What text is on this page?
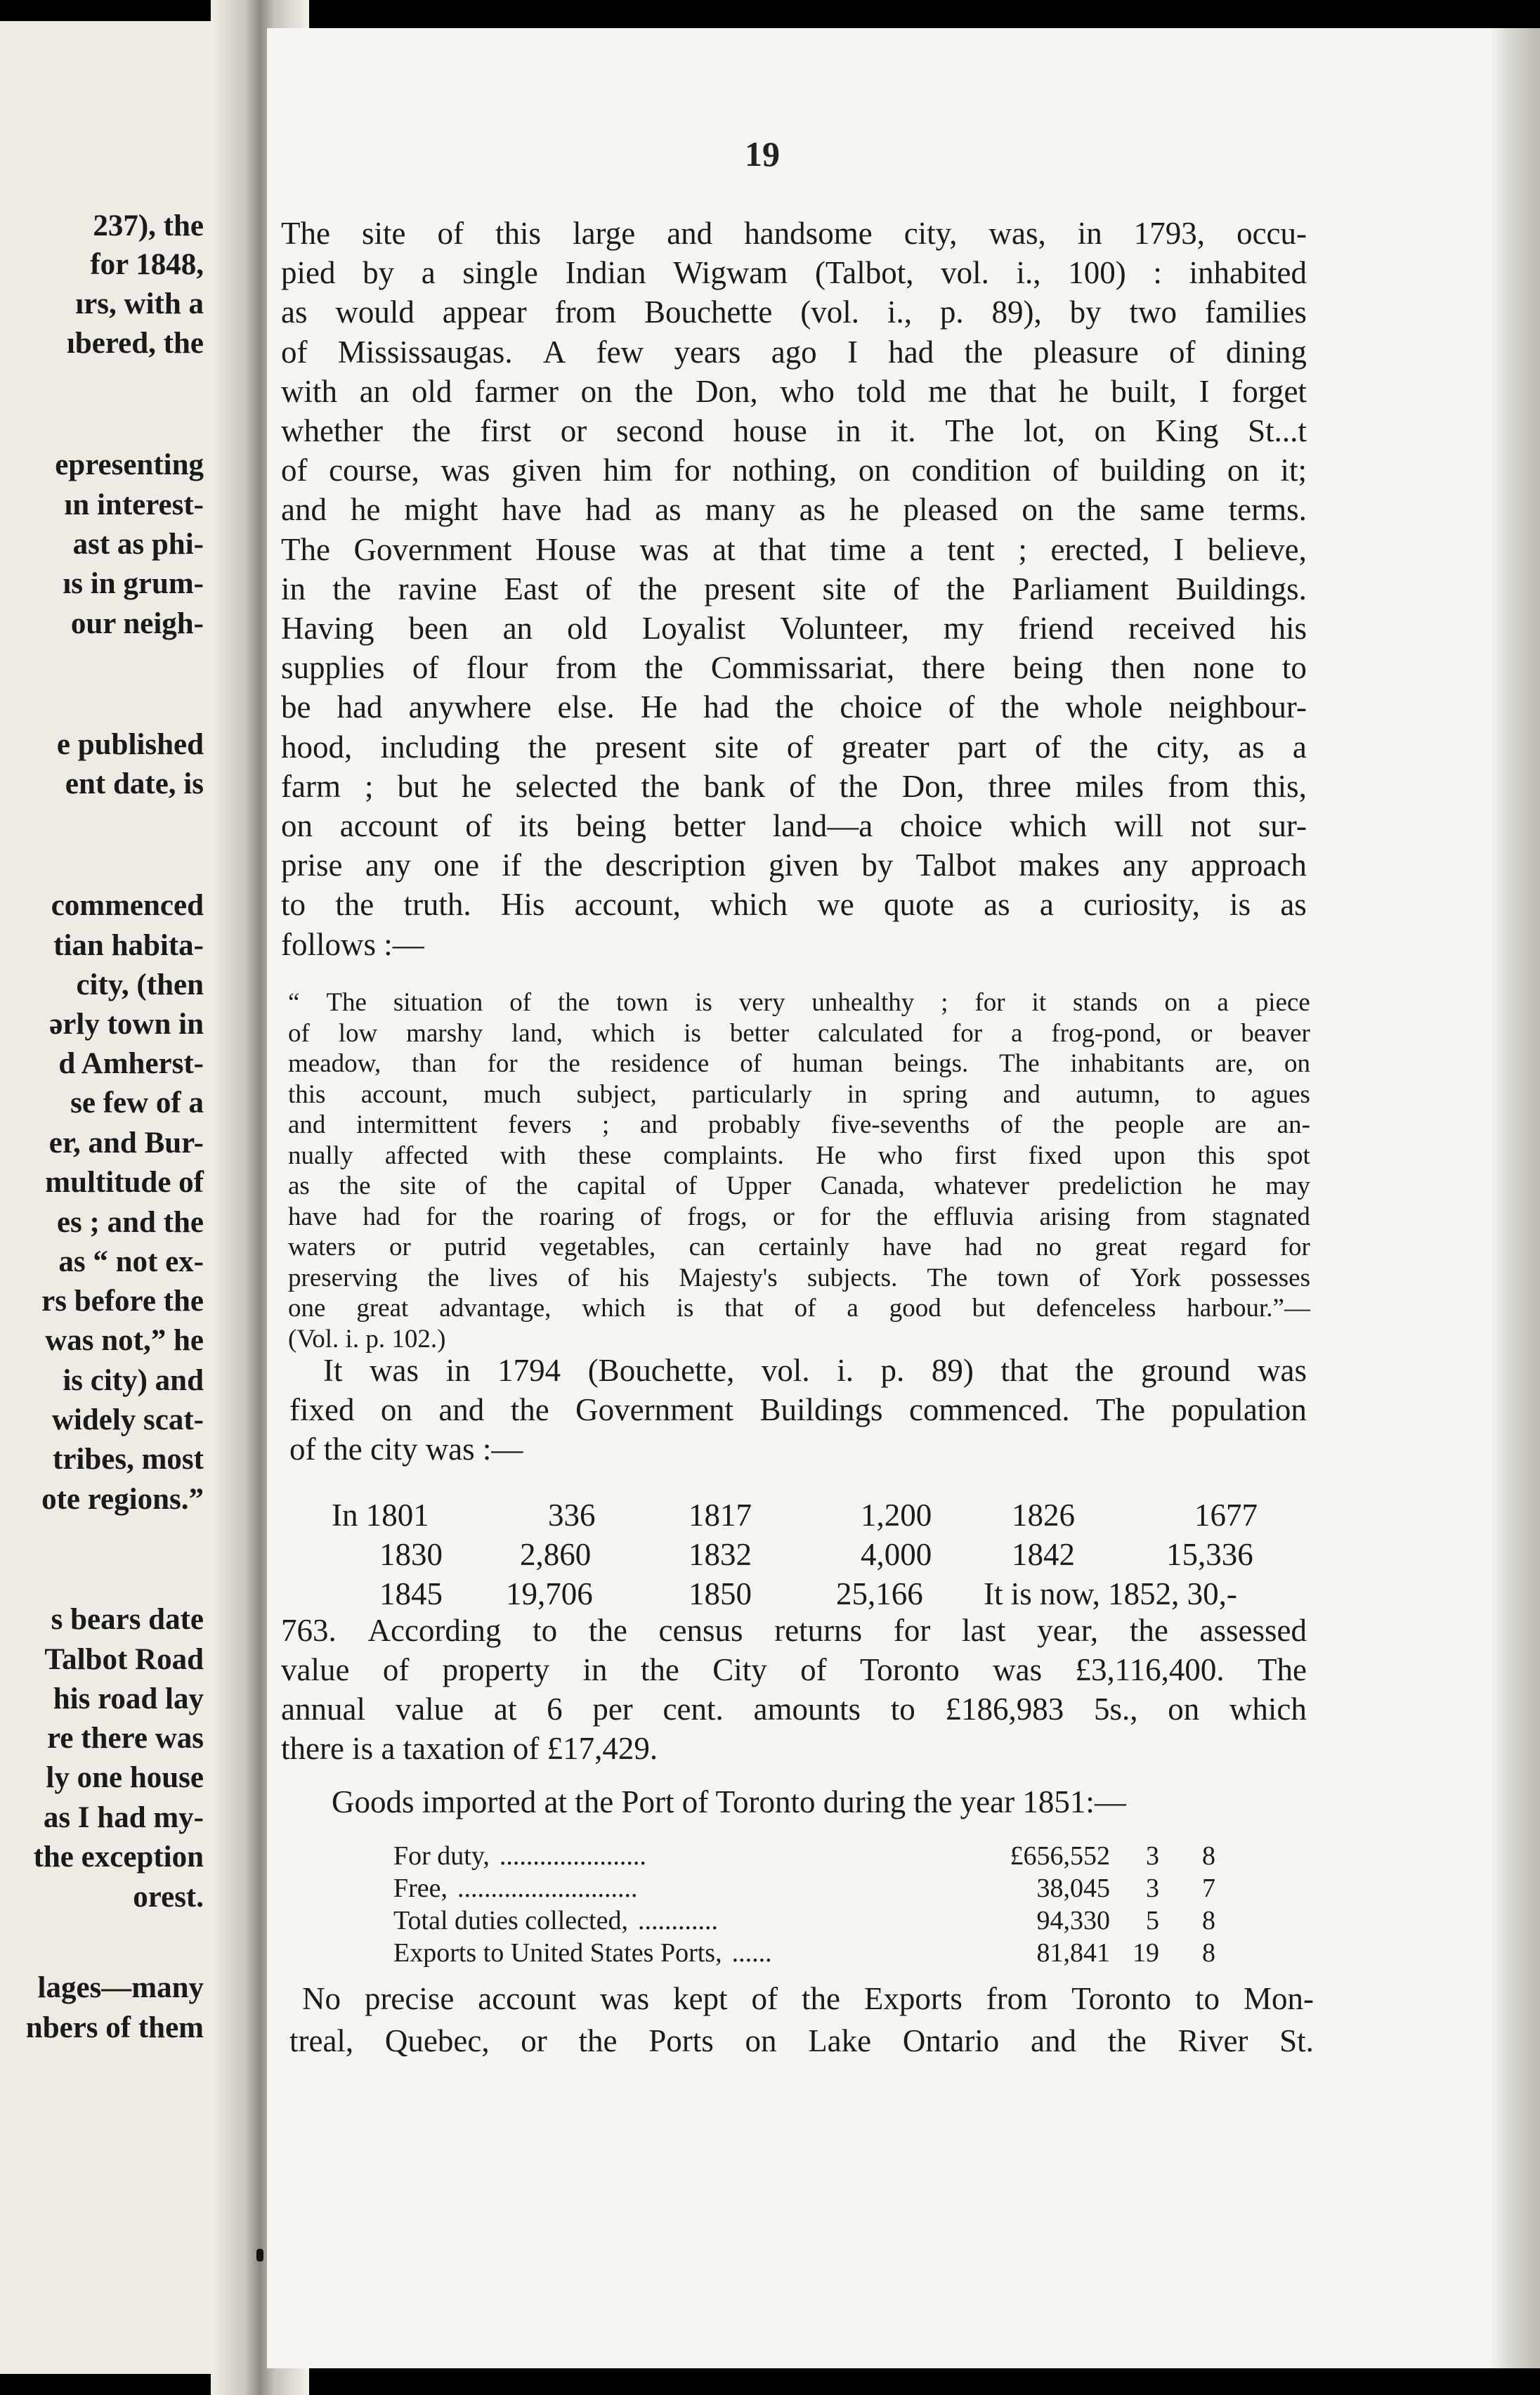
237), the
for 1848,
ırs, with a
ıbered, the
epresenting
ın interest-
ast as phi-
ıs in grum-
our neigh-
e published
ent date, is
commenced
tian habita-
city, (then
ərly town in
d Amherst-
se few of a
er, and Bur-
multitude of
es ; and the
as “ not ex-
rs before the
was not,” he
is city) and
widely scat-
tribes, most
ote regions.”
s bears date
Talbot Road
his road lay
re there was
ly one house
as I had my-
the exception
orest.
lages—many
nbers of them
19
The site of this large and handsome city, was, in 1793, occu-
pied by a single Indian Wigwam (Talbot, vol. i., 100) : inhabited
as would appear from Bouchette (vol. i., p. 89), by two families
of Mississaugas. A few years ago I had the pleasure of dining
with an old farmer on the Don, who told me that he built, I forget
whether the first or second house in it. The lot, on King St...t
of course, was given him for nothing, on condition of building on it;
and he might have had as many as he pleased on the same terms.
The Government House was at that time a tent ; erected, I believe,
in the ravine East of the present site of the Parliament Buildings.
Having been an old Loyalist Volunteer, my friend received his
supplies of flour from the Commissariat, there being then none to
be had anywhere else. He had the choice of the whole neighbour-
hood, including the present site of greater part of the city, as a
farm ; but he selected the bank of the Don, three miles from this,
on account of its being better land—a choice which will not sur-
prise any one if the description given by Talbot makes any approach
to the truth. His account, which we quote as a curiosity, is as
follows :—
“ The situation of the town is very unhealthy ; for it stands on a piece
of low marshy land, which is better calculated for a frog-pond, or beaver
meadow, than for the residence of human beings. The inhabitants are, on
this account, much subject, particularly in spring and autumn, to agues
and intermittent fevers ; and probably five-sevenths of the people are an-
nually affected with these complaints. He who first fixed upon this spot
as the site of the capital of Upper Canada, whatever predeliction he may
have had for the roaring of frogs, or for the effluvia arising from stagnated
waters or putrid vegetables, can certainly have had no great regard for
preserving the lives of his Majesty's subjects. The town of York possesses
one great advantage, which is that of a good but defenceless harbour.”—
(Vol. i. p. 102.)
It was in 1794 (Bouchette, vol. i. p. 89) that the ground was
fixed on and the Government Buildings commenced. The population
of the city was :—
In 1801	336	1817	1,200	1826	1677
1830 2,860	1832	4,000	1842	15,336
1845 19,706	1850	25,166 It is now, 1852, 30,-
763. According to the census returns for last year, the assessed
value of property in the City of Toronto was £3,116,400. The
annual value at 6 per cent. amounts to £186,983 5s., on which
there is a taxation of £17,429.
Goods imported at the Port of Toronto during the year 1851:—
For duty, ......................	£656,552	3 8
Free, ...........................	38,045	3 7
Total duties collected, ............	94,330	5 8
Exports to United States Ports, ......	81,841 19 8
No precise account was kept of the Exports from Toronto to Mon-
treal, Quebec, or the Ports on Lake Ontario and the River St.
